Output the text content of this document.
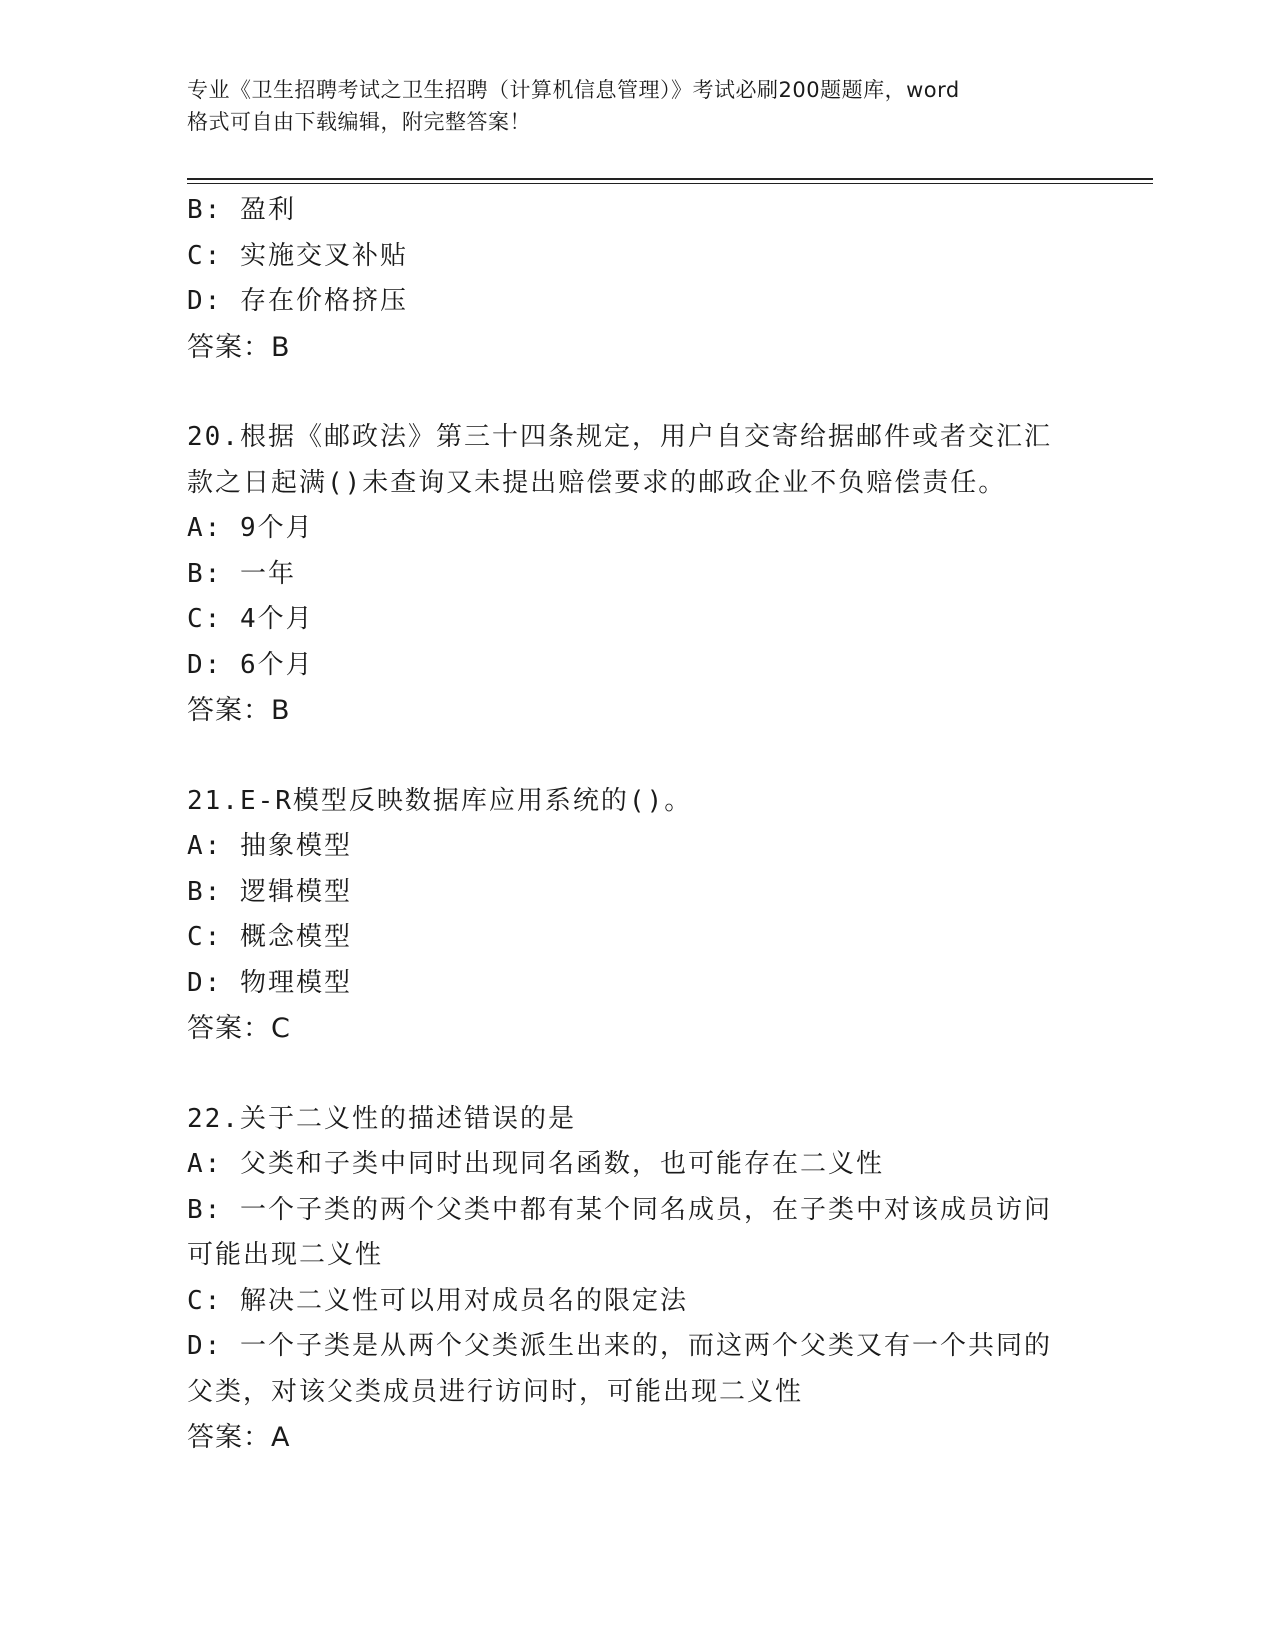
专业《卫生招聘考试之卫生招聘（计算机信息管理）》考试必刷200题题库，word
格式可自由下载编辑，附完整答案！
B: 盈利
C: 实施交叉补贴
D: 存在价格挤压
答案：B
20.根据《邮政法》第三十四条规定，用户自交寄给据邮件或者交汇汇
款之日起满()未查询又未提出赔偿要求的邮政企业不负赔偿责任。
A: 9个月
B: 一年
C: 4个月
D: 6个月
答案：B
21.E-R模型反映数据库应用系统的()。
A: 抽象模型
B: 逻辑模型
C: 概念模型
D: 物理模型
答案：C
22.关于二义性的描述错误的是
A: 父类和子类中同时出现同名函数，也可能存在二义性
B: 一个子类的两个父类中都有某个同名成员，在子类中对该成员访问
可能出现二义性
C: 解决二义性可以用对成员名的限定法
D: 一个子类是从两个父类派生出来的，而这两个父类又有一个共同的
父类，对该父类成员进行访问时，可能出现二义性
答案：A
